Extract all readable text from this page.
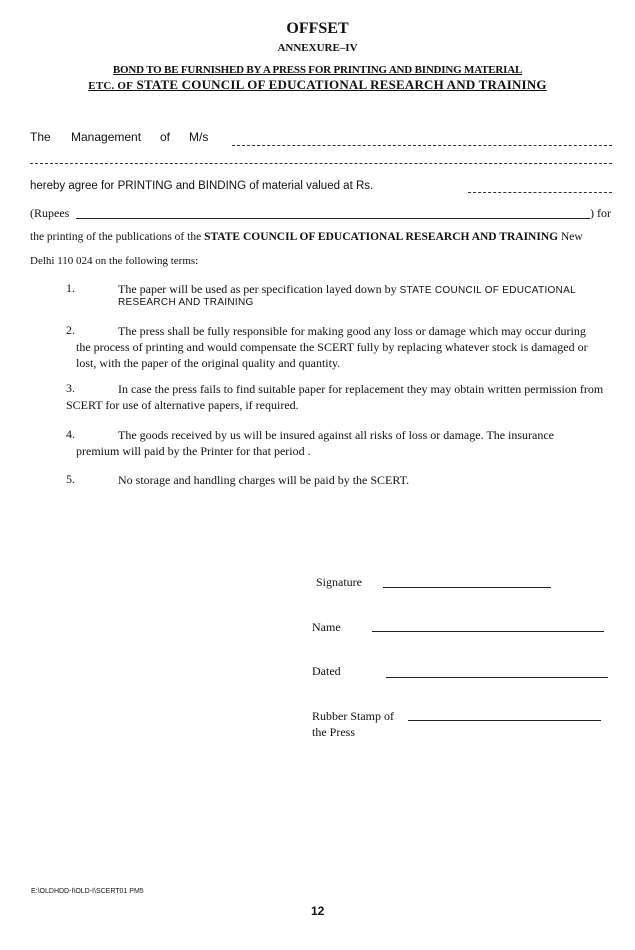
OFFSET
ANNEXURE–IV
BOND TO BE FURNISHED BY A PRESS FOR PRINTING AND BINDING MATERIAL
ETC. OF STATE COUNCIL OF EDUCATIONAL RESEARCH AND TRAINING
The Management of M/s
hereby agree for PRINTING and BINDING of material valued at Rs.
(Rupees	) for
the printing of the publications of the STATE COUNCIL OF EDUCATIONAL RESEARCH AND TRAINING New
Delhi 110 024 on the following terms:
1.	The paper will be used as per specification layed down by STATE COUNCIL OF EDUCATIONAL
RESEARCH AND TRAINING
2.	The press shall be fully responsible for making good any loss or damage which may occur during
the process of printing and would compensate the SCERT fully by replacing whatever stock is damaged or
lost, with the paper of the original quality and quantity.
3.	In case the press fails to find suitable paper for replacement they may obtain written permission from
SCERT for use of alternative papers, if required.
4.	The goods received by us will be insured against all risks of loss or damage. The insurance
premium will paid by the Printer for that period .
5.	No storage and handling charges will be paid by the SCERT.
Signature
Name
Dated
Rubber Stamp of
the Press
E:\OLDHDD-I\OLD-I\SCERT01 PM5
12
